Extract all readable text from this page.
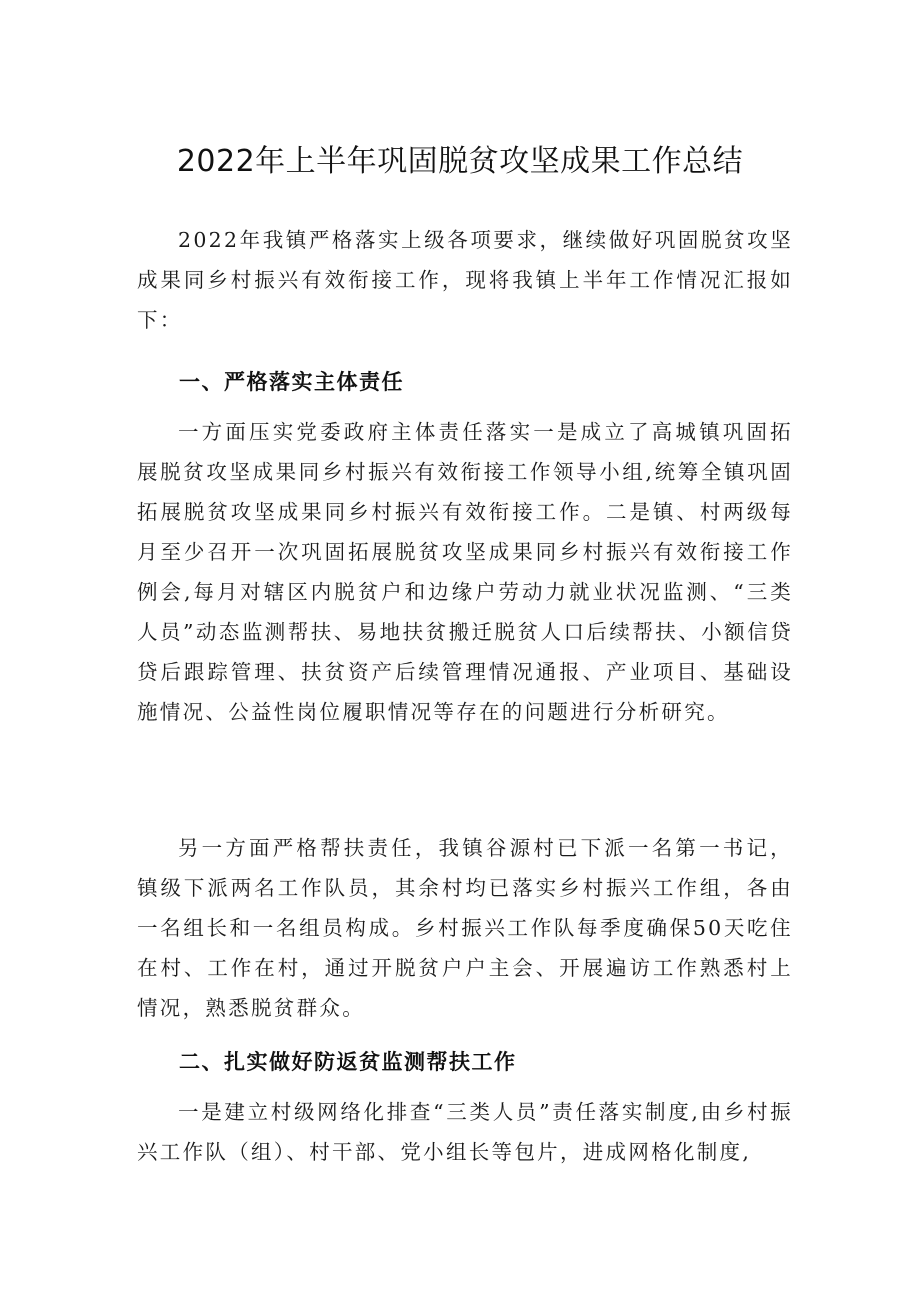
2022年上半年巩固脱贫攻坚成果工作总结

2022年我镇严格落实上级各项要求，继续做好巩固脱贫攻坚成果同乡村振兴有效衔接工作，现将我镇上半年工作情况汇报如下：

一、严格落实主体责任

一方面压实党委政府主体责任落实一是成立了高城镇巩固拓展脱贫攻坚成果同乡村振兴有效衔接工作领导小组,统筹全镇巩固拓展脱贫攻坚成果同乡村振兴有效衔接工作。二是镇、村两级每月至少召开一次巩固拓展脱贫攻坚成果同乡村振兴有效衔接工作例会,每月对辖区内脱贫户和边缘户劳动力就业状况监测、“三类人员”动态监测帮扶、易地扶贫搬迁脱贫人口后续帮扶、小额信贷贷后跟踪管理、扶贫资产后续管理情况通报、产业项目、基础设施情况、公益性岗位履职情况等存在的问题进行分析研究。

另一方面严格帮扶责任，我镇谷源村已下派一名第一书记，镇级下派两名工作队员，其余村均已落实乡村振兴工作组，各由一名组长和一名组员构成。乡村振兴工作队每季度确保50天吃住在村、工作在村，通过开脱贫户户主会、开展遍访工作熟悉村上情况，熟悉脱贫群众。

二、扎实做好防返贫监测帮扶工作

一是建立村级网络化排查“三类人员”责任落实制度,由乡村振兴工作队（组）、村干部、党小组长等包片，进成网格化制度,
